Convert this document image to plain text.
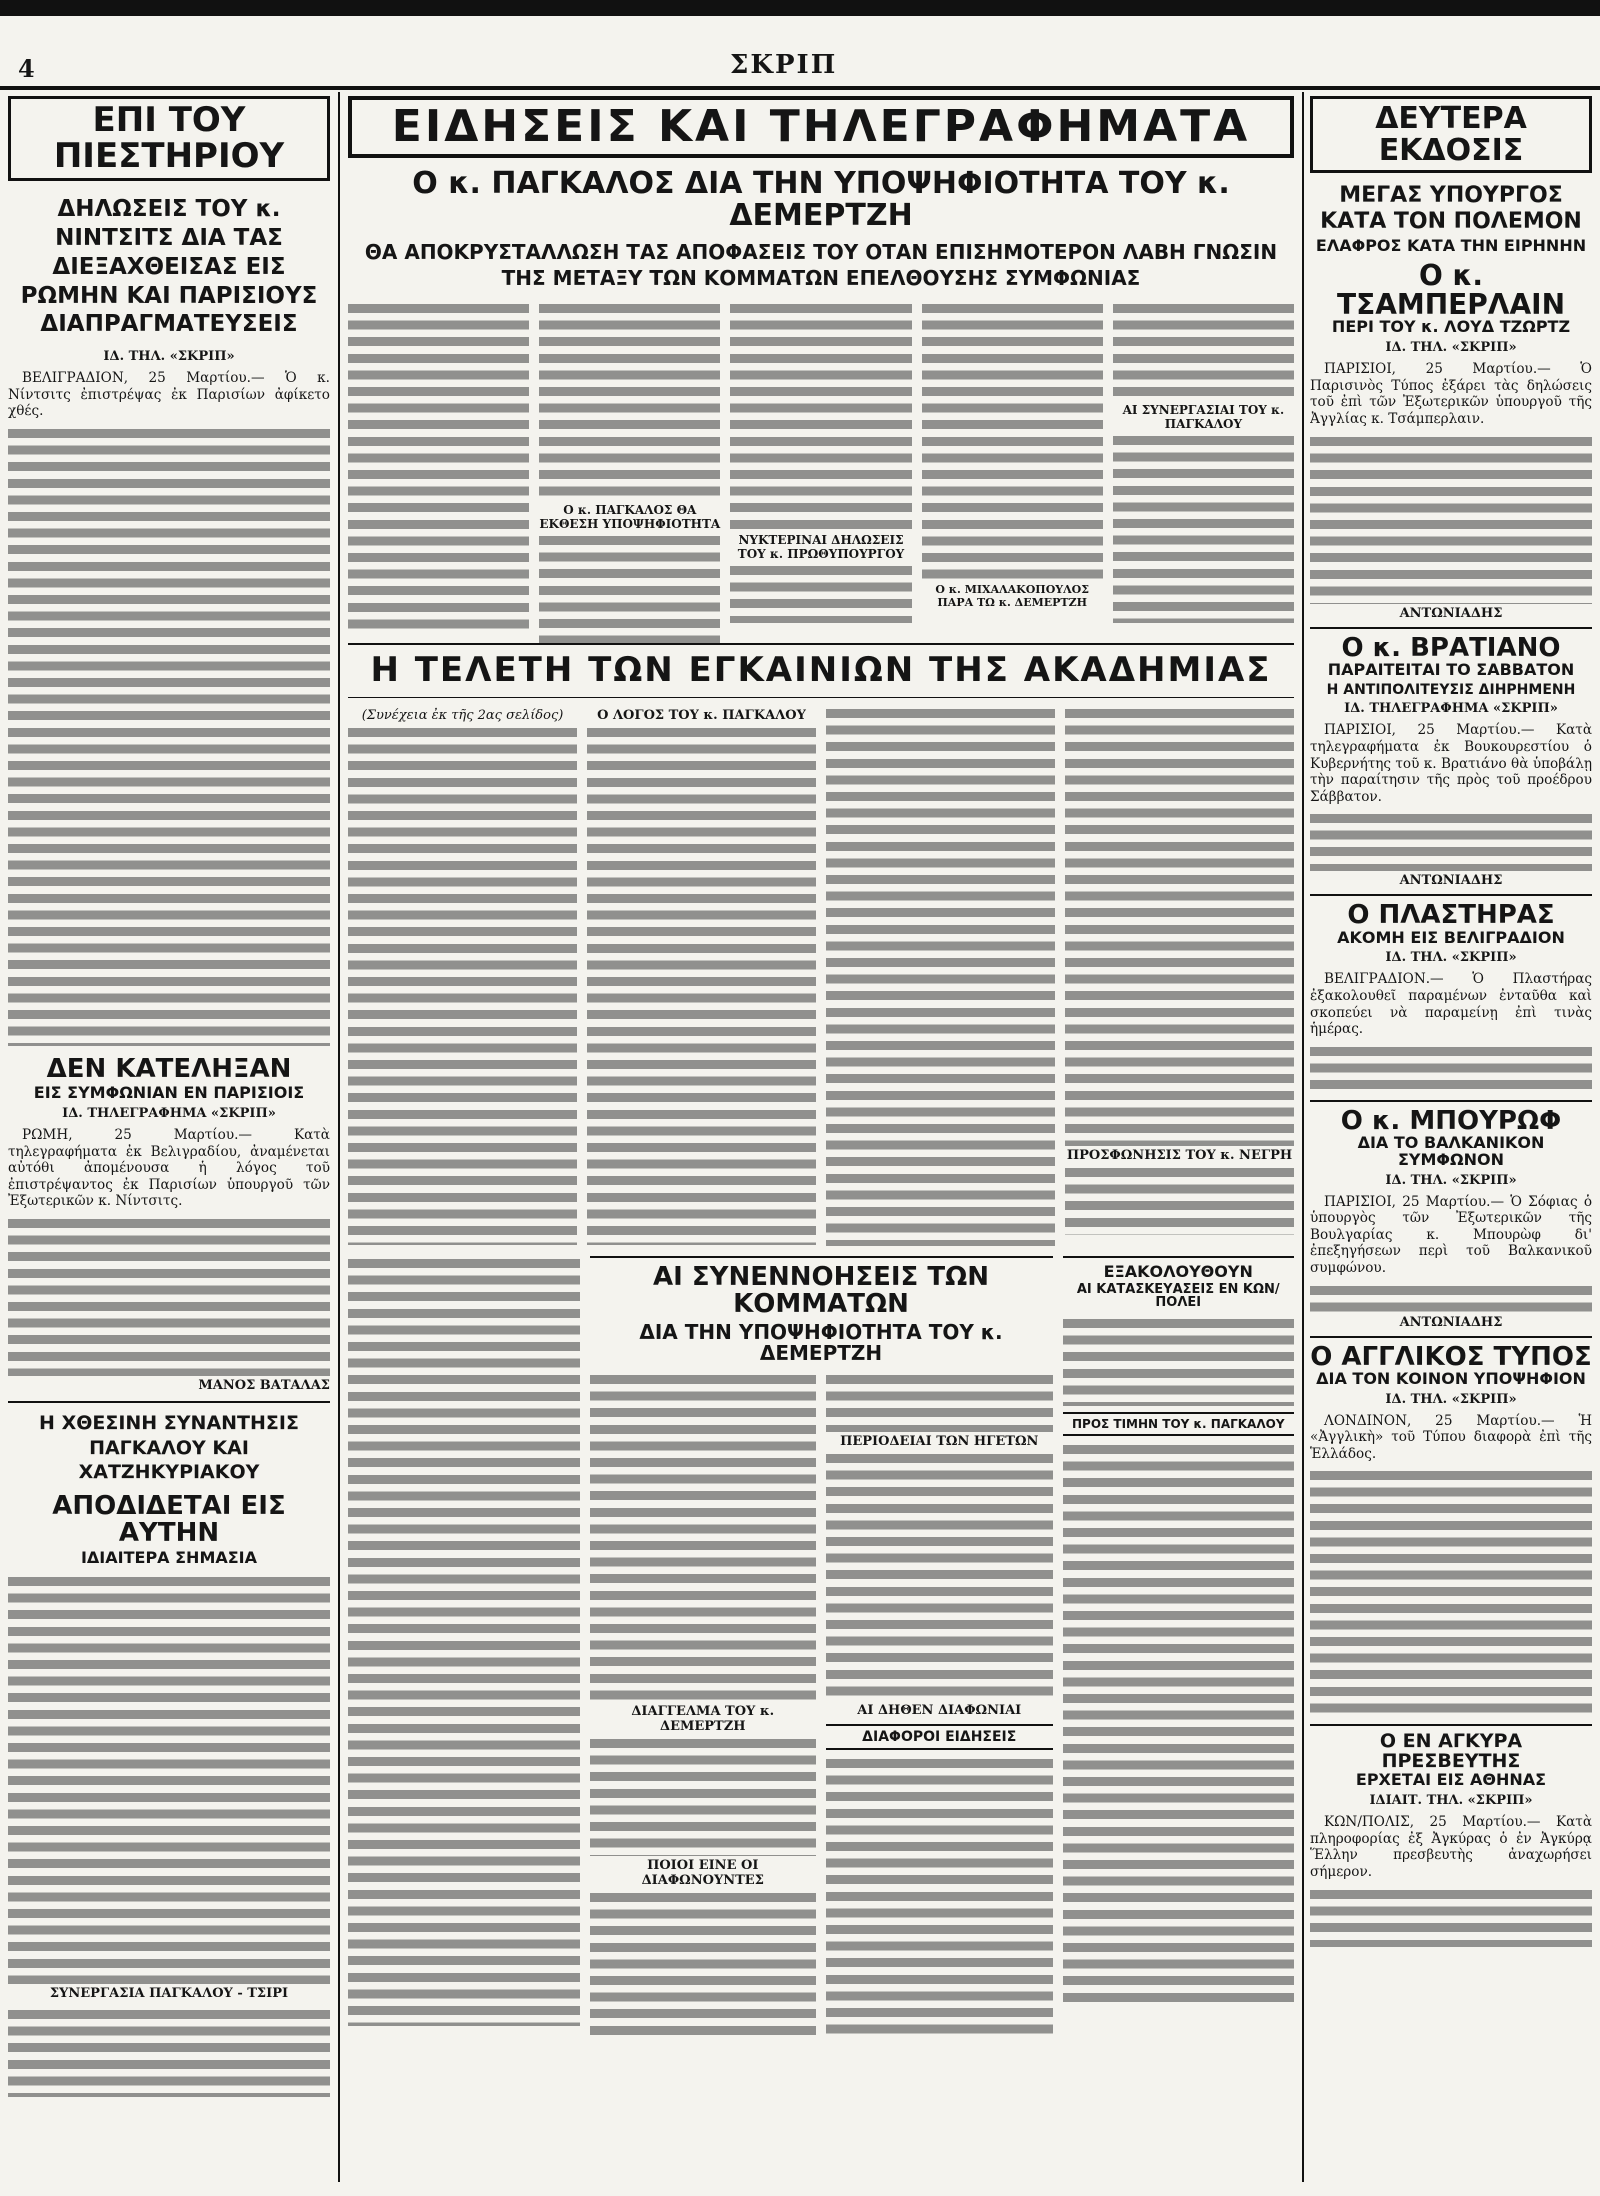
4	ΣΚΡΙΠ
ΕΠΙ ΤΟΥ ΠΙΕΣΤΗΡΙΟΥ
ΔΗΛΩΣΕΙΣ ΤΟΥ κ. ΝΙΝΤΣΙΤΣ ΔΙΑ ΤΑΣ ΔΙΕΞΑΧΘΕΙΣΑΣ ΕΙΣ ΡΩΜΗΝ ΚΑΙ ΠΑΡΙΣΙΟΥΣ ΔΙΑΠΡΑΓΜΑΤΕΥΣΕΙΣ
ΙΔ. ΤΗΛ. «ΣΚΡΙΠ»

ΒΕΛΙΓΡΑΔΙΟΝ, 25 Μαρτίου.— Ὁ κ. Νίντσιτς ἐπιστρέψας ἐκ Παρισίων ἀφίκετο χθές.

ΔΕΝ ΚΑΤΕΛΗΞΑΝ
ΕΙΣ ΣΥΜΦΩΝΙΑΝ ΕΝ ΠΑΡΙΣΙΟΙΣ
ΙΔ. ΤΗΛΕΓΡΑΦΗΜΑ «ΣΚΡΙΠ»

ΡΩΜΗ, 25 Μαρτίου.— Κατὰ τηλεγραφήματα ἐκ Βελιγραδίου, ἀναμένεται αὐτόθι ἀπομένουσα ἡ λόγος τοῦ ἐπιστρέψαντος ἐκ Παρισίων ὑπουργοῦ τῶν Ἐξωτερικῶν κ. Νίντσιτς.

ΜΑΝΟΣ ΒΑΤΑΛΑΣ
Η ΧΘΕΣΙΝΗ ΣΥΝΑΝΤΗΣΙΣ ΠΑΓΚΑΛΟΥ ΚΑΙ ΧΑΤΖΗΚΥΡΙΑΚΟΥ
ΑΠΟΔΙΔΕΤΑΙ ΕΙΣ ΑΥΤΗΝ
ΙΔΙΑΙΤΕΡΑ ΣΗΜΑΣΙΑ
ΣΥΝΕΡΓΑΣΙΑ ΠΑΓΚΑΛΟΥ - ΤΣΙΡΙ
ΕΙΔΗΣΕΙΣ ΚΑΙ ΤΗΛΕΓΡΑΦΗΜΑΤΑ
Ο κ. ΠΑΓΚΑΛΟΣ ΔΙΑ ΤΗΝ ΥΠΟΨΗΦΙΟΤΗΤΑ ΤΟΥ κ. ΔΕΜΕΡΤΖΗ
ΘΑ ΑΠΟΚΡΥΣΤΑΛΛΩΣΗ ΤΑΣ ΑΠΟΦΑΣΕΙΣ ΤΟΥ ΟΤΑΝ ΕΠΙΣΗΜΟΤΕΡΟΝ ΛΑΒΗ ΓΝΩΣΙΝ ΤΗΣ ΜΕΤΑΞΥ ΤΩΝ ΚΟΜΜΑΤΩΝ ΕΠΕΛΘΟΥΣΗΣ ΣΥΜΦΩΝΙΑΣ
Ο κ. ΠΑΓΚΑΛΟΣ ΘΑ ΕΚΘΕΣΗ ΥΠΟΨΗΦΙΟΤΗΤΑ
ΝΥΚΤΕΡΙΝΑΙ ΔΗΛΩΣΕΙΣ ΤΟΥ κ. ΠΡΩΘΥΠΟΥΡΓΟΥ
Ο κ. ΜΙΧΑΛΑΚΟΠΟΥΛΟΣ ΠΑΡΑ ΤΩ κ. ΔΕΜΕΡΤΖΗ
ΑΙ ΣΥΝΕΡΓΑΣΙΑΙ ΤΟΥ κ. ΠΑΓΚΑΛΟΥ
Η ΤΕΛΕΤΗ ΤΩΝ ΕΓΚΑΙΝΙΩΝ ΤΗΣ ΑΚΑΔΗΜΙΑΣ
(Συνέχεια ἐκ τῆς 2ας σελίδος)	Ο ΛΟΓΟΣ ΤΟΥ κ. ΠΑΓΚΑΛΟΥ
ΠΡΟΣΦΩΝΗΣΙΣ ΤΟΥ κ. ΝΕΓΡΗ
ΑΙ ΣΥΝΕΝΝΟΗΣΕΙΣ ΤΩΝ ΚΟΜΜΑΤΩΝ
ΔΙΑ ΤΗΝ ΥΠΟΨΗΦΙΟΤΗΤΑ ΤΟΥ κ. ΔΕΜΕΡΤΖΗ
ΔΙΑΓΓΕΛΜΑ ΤΟΥ κ. ΔΕΜΕΡΤΖΗ
ΠΟΙΟΙ ΕΙΝΕ ΟΙ ΔΙΑΦΩΝΟΥΝΤΕΣ
ΠΕΡΙΟΔΕΙΑΙ ΤΩΝ ΗΓΕΤΩΝ
ΑΙ ΔΗΘΕΝ ΔΙΑΦΩΝΙΑΙ
ΔΙΑΦΟΡΟΙ ΕΙΔΗΣΕΙΣ
ΕΞΑΚΟΛΟΥΘΟΥΝ
ΑΙ ΚΑΤΑΣΚΕΥΑΣΕΙΣ ΕΝ ΚΩΝ/ΠΟΛΕΙ
ΠΡΟΣ ΤΙΜΗΝ ΤΟΥ κ. ΠΑΓΚΑΛΟΥ
ΔΕΥΤΕΡΑ ΕΚΔΟΣΙΣ
ΜΕΓΑΣ ΥΠΟΥΡΓΟΣ ΚΑΤΑ ΤΟΝ ΠΟΛΕΜΟΝ
ΕΛΑΦΡΟΣ ΚΑΤΑ ΤΗΝ ΕΙΡΗΝΗΝ
Ο κ. ΤΣΑΜΠΕΡΛΑΙΝ
ΠΕΡΙ ΤΟΥ κ. ΛΟΥΔ ΤΖΩΡΤΖ
ΙΔ. ΤΗΛ. «ΣΚΡΙΠ»

ΠΑΡΙΣΙΟΙ, 25 Μαρτίου.— Ὁ Παρισινὸς Τύπος ἐξάρει τὰς δηλώσεις τοῦ ἐπὶ τῶν Ἐξωτερικῶν ὑπουργοῦ τῆς Ἀγγλίας κ. Τσάμπερλαιν.

ΑΝΤΩΝΙΑΔΗΣ
Ο κ. ΒΡΑΤΙΑΝΟ
ΠΑΡΑΙΤΕΙΤΑΙ ΤΟ ΣΑΒΒΑΤΟΝ
Η ΑΝΤΙΠΟΛΙΤΕΥΣΙΣ ΔΙΗΡΗΜΕΝΗ
ΙΔ. ΤΗΛΕΓΡΑΦΗΜΑ «ΣΚΡΙΠ»

ΠΑΡΙΣΙΟΙ, 25 Μαρτίου.— Κατὰ τηλεγραφήματα ἐκ Βουκουρεστίου ὁ Κυβερνήτης τοῦ κ. Βρατιάνο θὰ ὑποβάλῃ τὴν παραίτησιν τῆς πρὸς τοῦ προέδρου Σάββατον.

ΑΝΤΩΝΙΑΔΗΣ
Ο ΠΛΑΣΤΗΡΑΣ
ΑΚΟΜΗ ΕΙΣ ΒΕΛΙΓΡΑΔΙΟΝ
ΙΔ. ΤΗΛ. «ΣΚΡΙΠ»

ΒΕΛΙΓΡΑΔΙΟΝ.— Ὁ Πλαστήρας ἐξακολουθεῖ παραμένων ἐνταῦθα καὶ σκοπεύει νὰ παραμείνῃ ἐπὶ τινὰς ἡμέρας.

Ο κ. ΜΠΟΥΡΩΦ
ΔΙΑ ΤΟ ΒΑΛΚΑΝΙΚΟΝ ΣΥΜΦΩΝΟΝ
ΙΔ. ΤΗΛ. «ΣΚΡΙΠ»

ΠΑΡΙΣΙΟΙ, 25 Μαρτίου.— Ὁ Σόφιας ὁ ὑπουργὸς τῶν Ἐξωτερικῶν τῆς Βουλγαρίας κ. Μπουρὼφ δι' ἐπεξηγήσεων περὶ τοῦ Βαλκανικοῦ συμφώνου.

ΑΝΤΩΝΙΑΔΗΣ
Ο ΑΓΓΛΙΚΟΣ ΤΥΠΟΣ
ΔΙΑ ΤΟΝ ΚΟΙΝΟΝ ΥΠΟΨΗΦΙΟΝ
ΙΔ. ΤΗΛ. «ΣΚΡΙΠ»

ΛΟΝΔΙΝΟΝ, 25 Μαρτίου.— Ἡ «Ἀγγλικὴ» τοῦ Τύπου διαφορὰ ἐπὶ τῆς Ἑλλάδος.

Ο ΕΝ ΑΓΚΥΡΑ ΠΡΕΣΒΕΥΤΗΣ
ΕΡΧΕΤΑΙ ΕΙΣ ΑΘΗΝΑΣ
ΙΔΙΑΙΤ. ΤΗΛ. «ΣΚΡΙΠ»

ΚΩΝ/ΠΟΛΙΣ, 25 Μαρτίου.— Κατὰ πληροφορίας ἐξ Ἀγκύρας ὁ ἐν Ἀγκύρᾳ Ἕλλην πρεσβευτὴς ἀναχωρήσει σήμερον.
